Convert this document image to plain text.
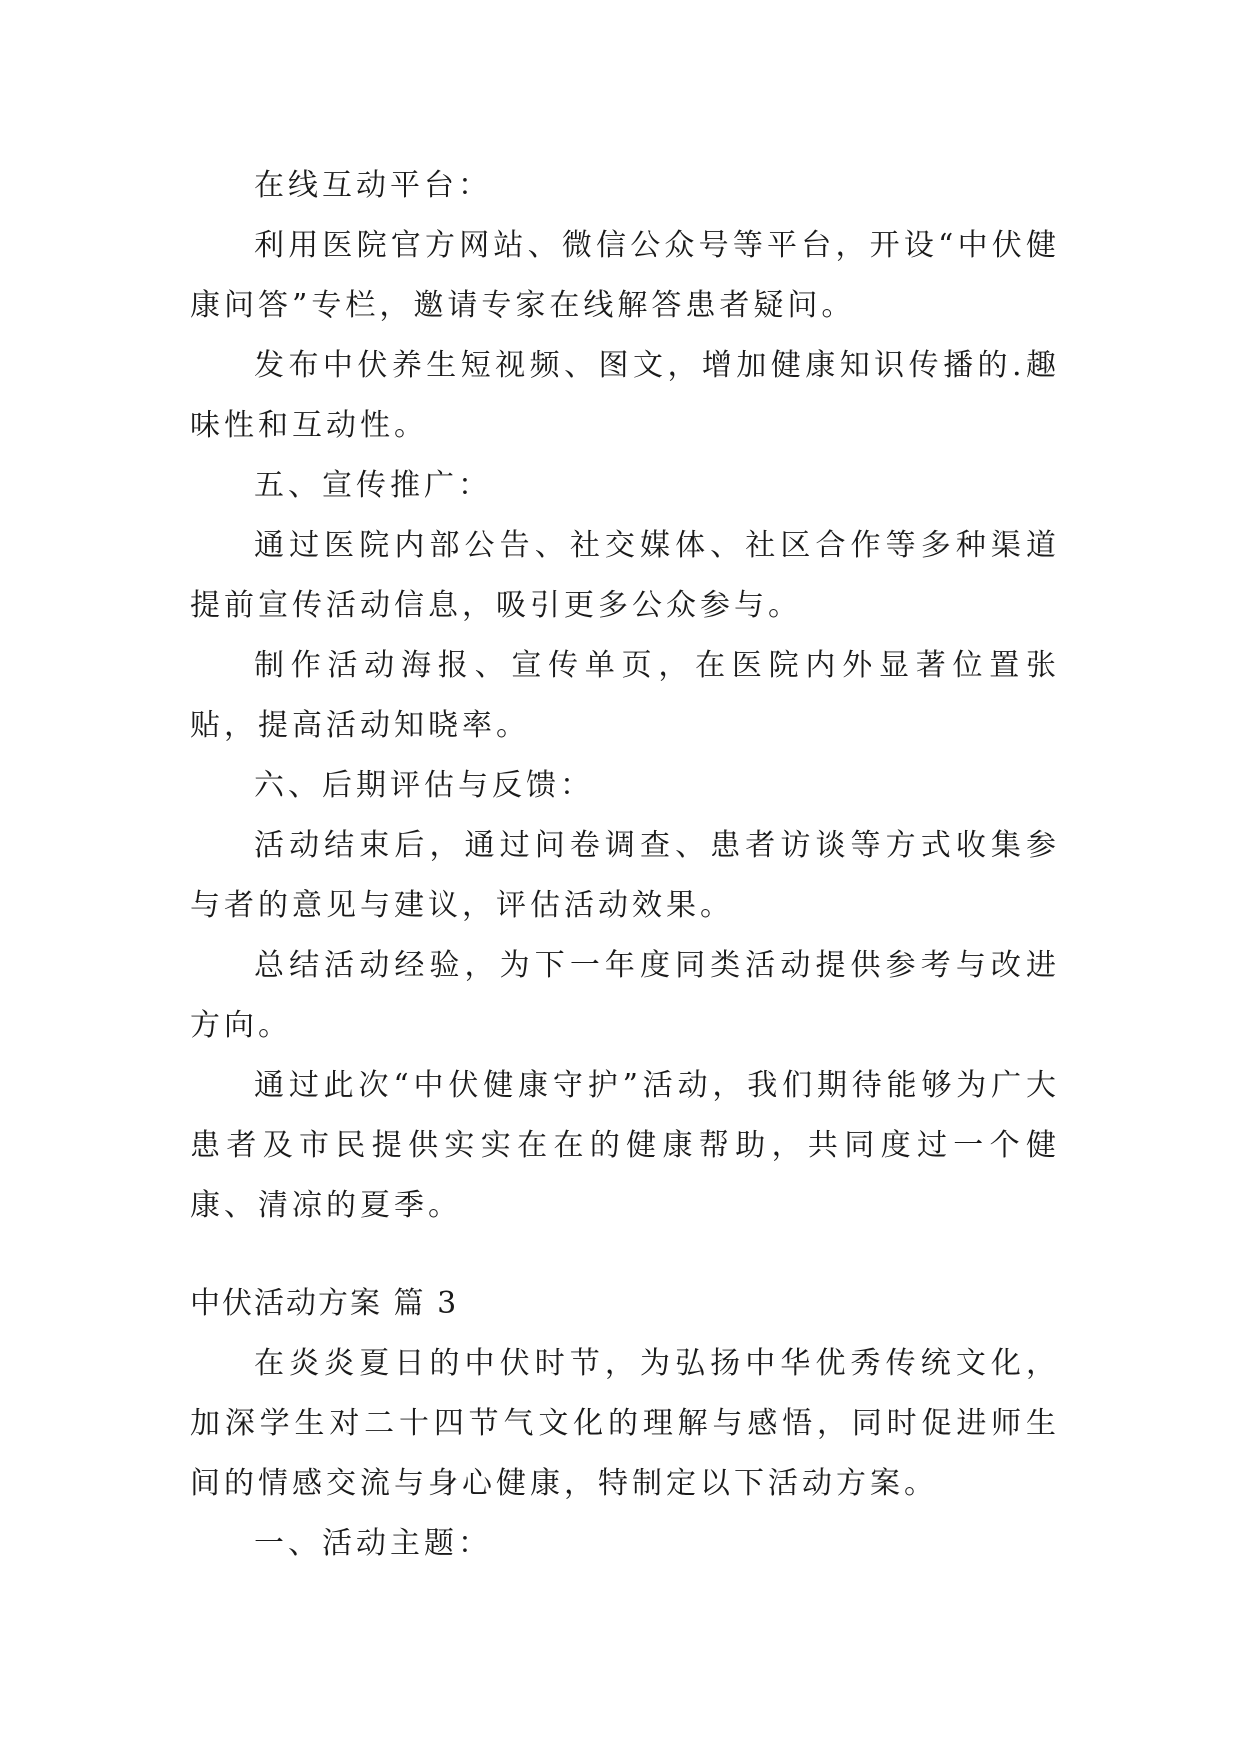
在线互动平台：

利用医院官方网站、微信公众号等平台，开设“中伏健康问答”专栏，邀请专家在线解答患者疑问。

发布中伏养生短视频、图文，增加健康知识传播的.趣味性和互动性。

五、宣传推广：

通过医院内部公告、社交媒体、社区合作等多种渠道提前宣传活动信息，吸引更多公众参与。

制作活动海报、宣传单页，在医院内外显著位置张贴，提高活动知晓率。

六、后期评估与反馈：

活动结束后，通过问卷调查、患者访谈等方式收集参与者的意见与建议，评估活动效果。

总结活动经验，为下一年度同类活动提供参考与改进方向。

通过此次“中伏健康守护”活动，我们期待能够为广大患者及市民提供实实在在的健康帮助，共同度过一个健康、清凉的夏季。

中伏活动方案 篇 3

在炎炎夏日的中伏时节，为弘扬中华优秀传统文化，加深学生对二十四节气文化的理解与感悟，同时促进师生间的情感交流与身心健康，特制定以下活动方案。

一、活动主题：
